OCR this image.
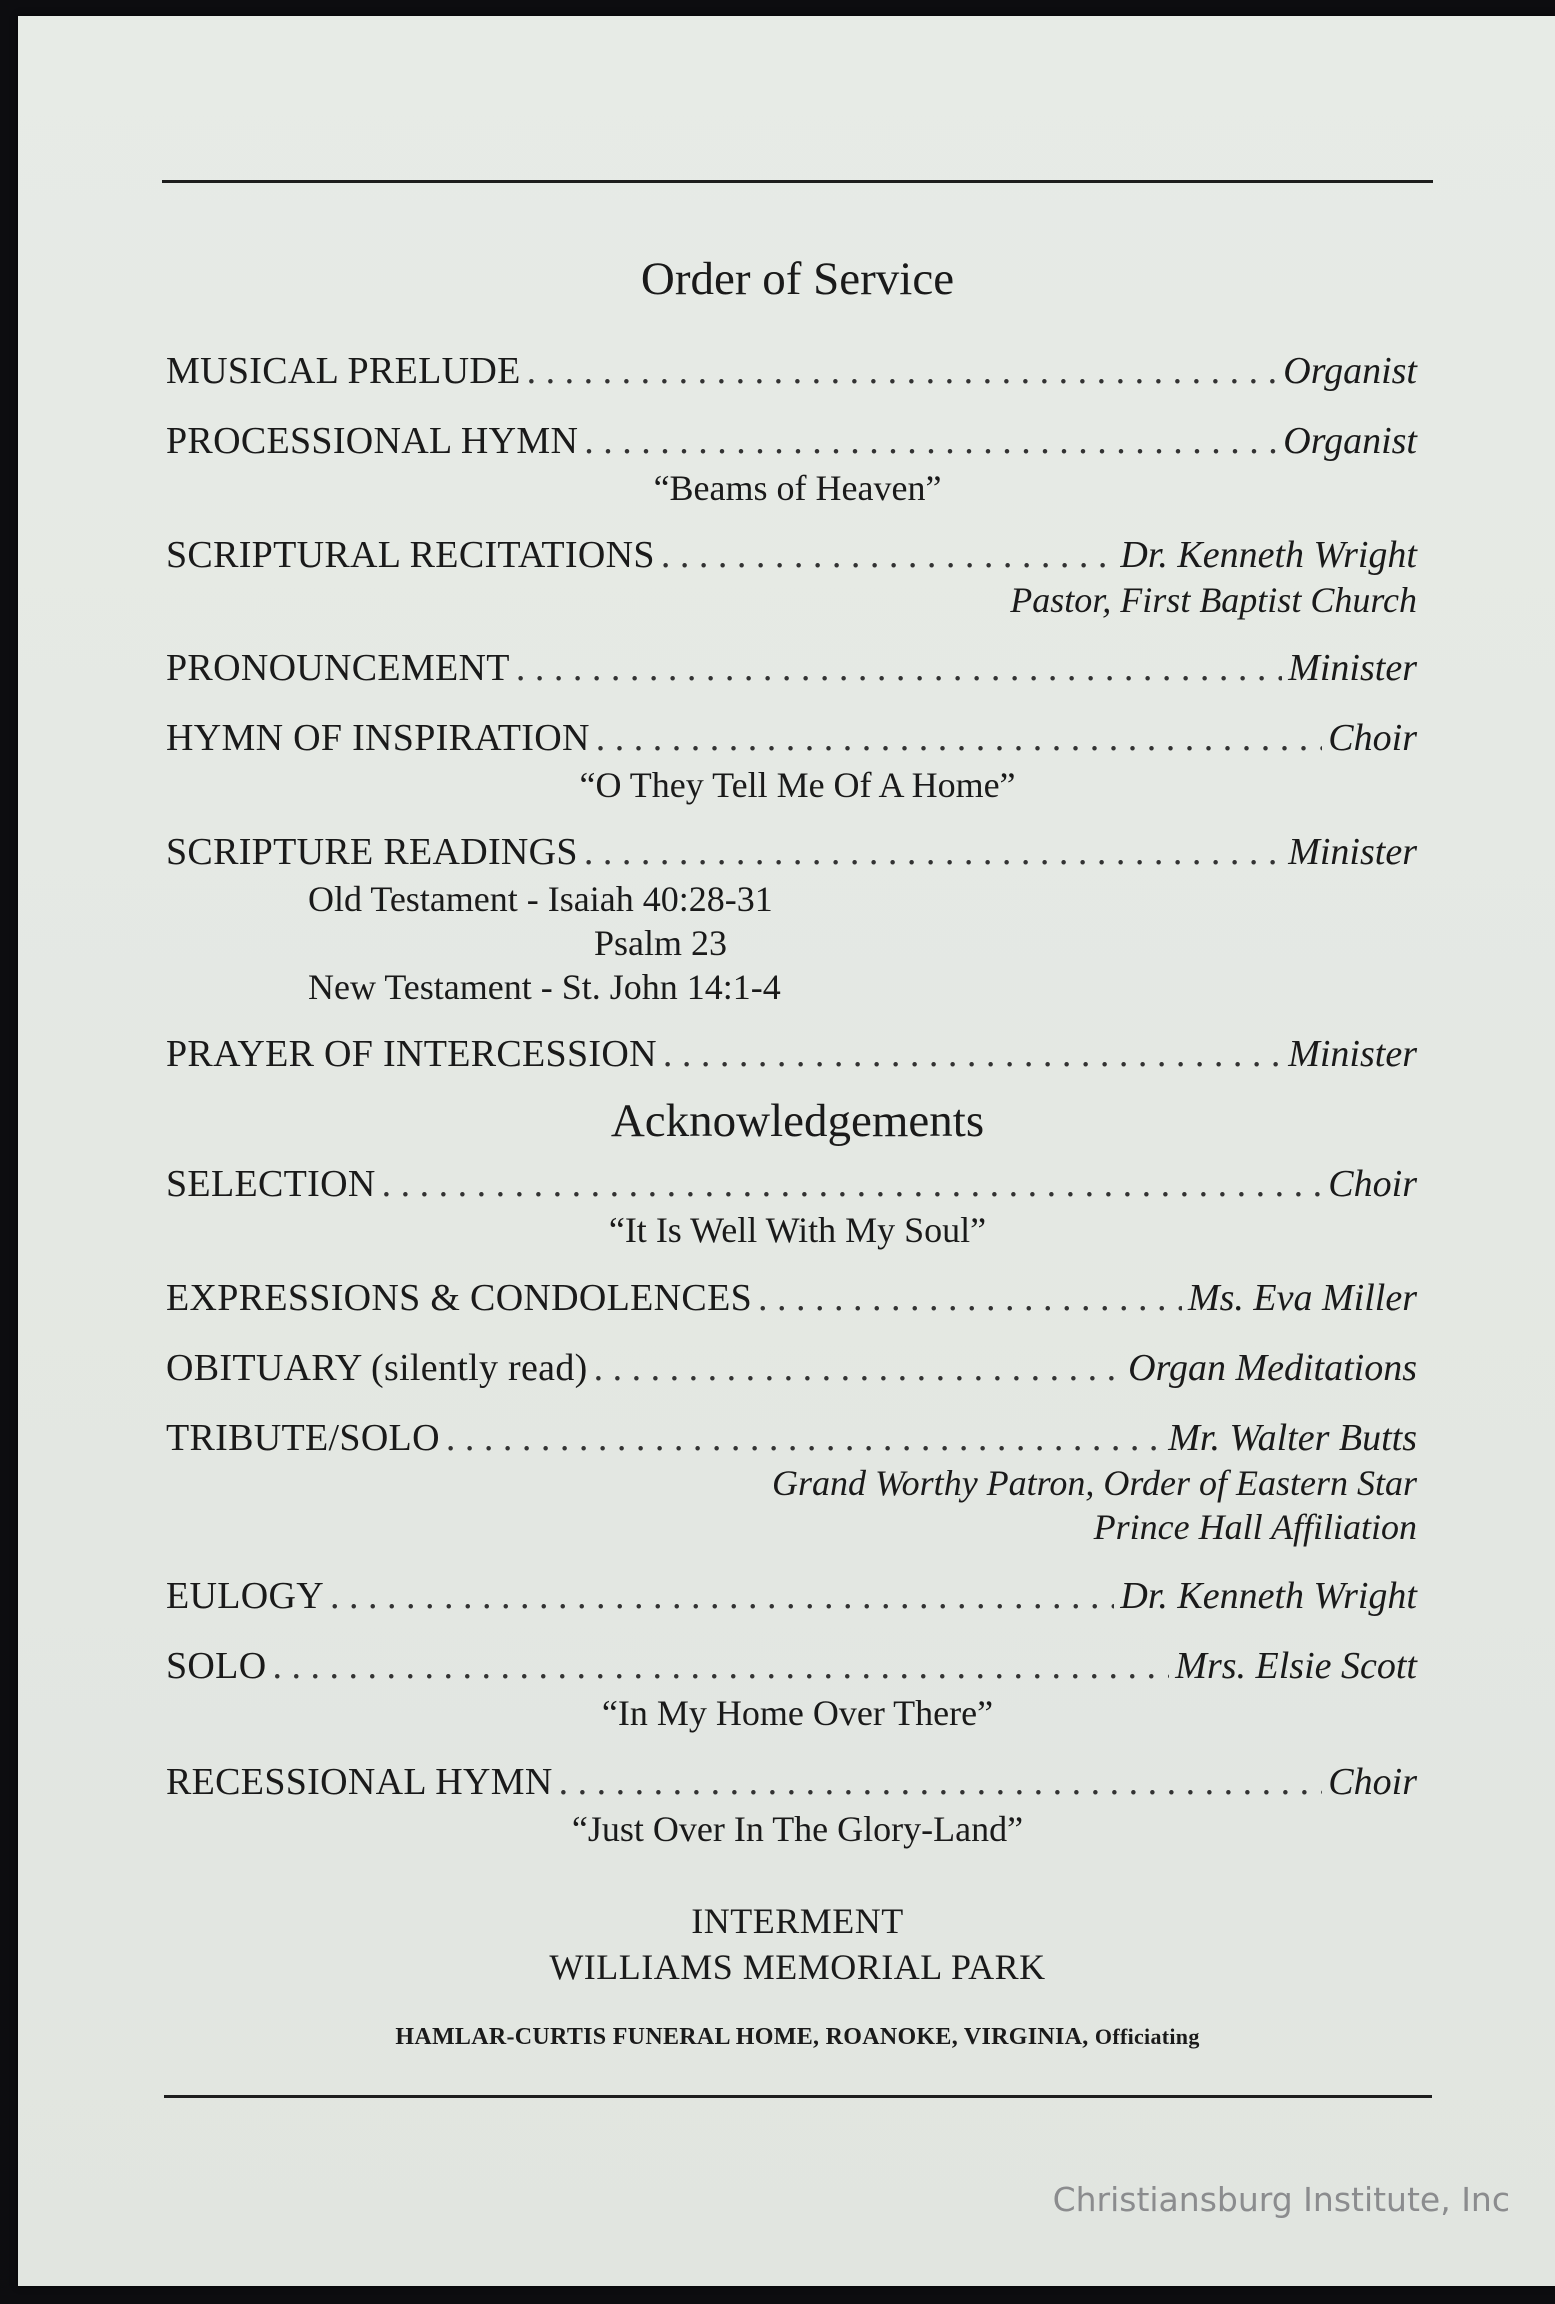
Order of Service
MUSICAL PRELUDE . . .	Organist
PROCESSIONAL HYMN . . .	Organist
“Beams of Heaven”
SCRIPTURAL RECITATIONS . . .	Dr. Kenneth Wright
Pastor, First Baptist Church
PRONOUNCEMENT . . .	Minister
HYMN OF INSPIRATION . . .	Choir
“O They Tell Me Of A Home”
SCRIPTURE READINGS . . .	Minister
Old Testament - Isaiah 40:28-31
Psalm 23
New Testament - St. John 14:1-4
PRAYER OF INTERCESSION . . .	Minister
Acknowledgements
SELECTION . . .	Choir
“It Is Well With My Soul”
EXPRESSIONS & CONDOLENCES . . .	Ms. Eva Miller
OBITUARY (silently read) . . .	Organ Meditations
TRIBUTE/SOLO . . .	Mr. Walter Butts
Grand Worthy Patron, Order of Eastern Star
Prince Hall Affiliation
EULOGY . . .	Dr. Kenneth Wright
SOLO . . .	Mrs. Elsie Scott
“In My Home Over There”
RECESSIONAL HYMN . . .	Choir
“Just Over In The Glory-Land”
INTERMENT
WILLIAMS MEMORIAL PARK
HAMLAR-CURTIS FUNERAL HOME, ROANOKE, VIRGINIA, Officiating
Christiansburg Institute, Inc
